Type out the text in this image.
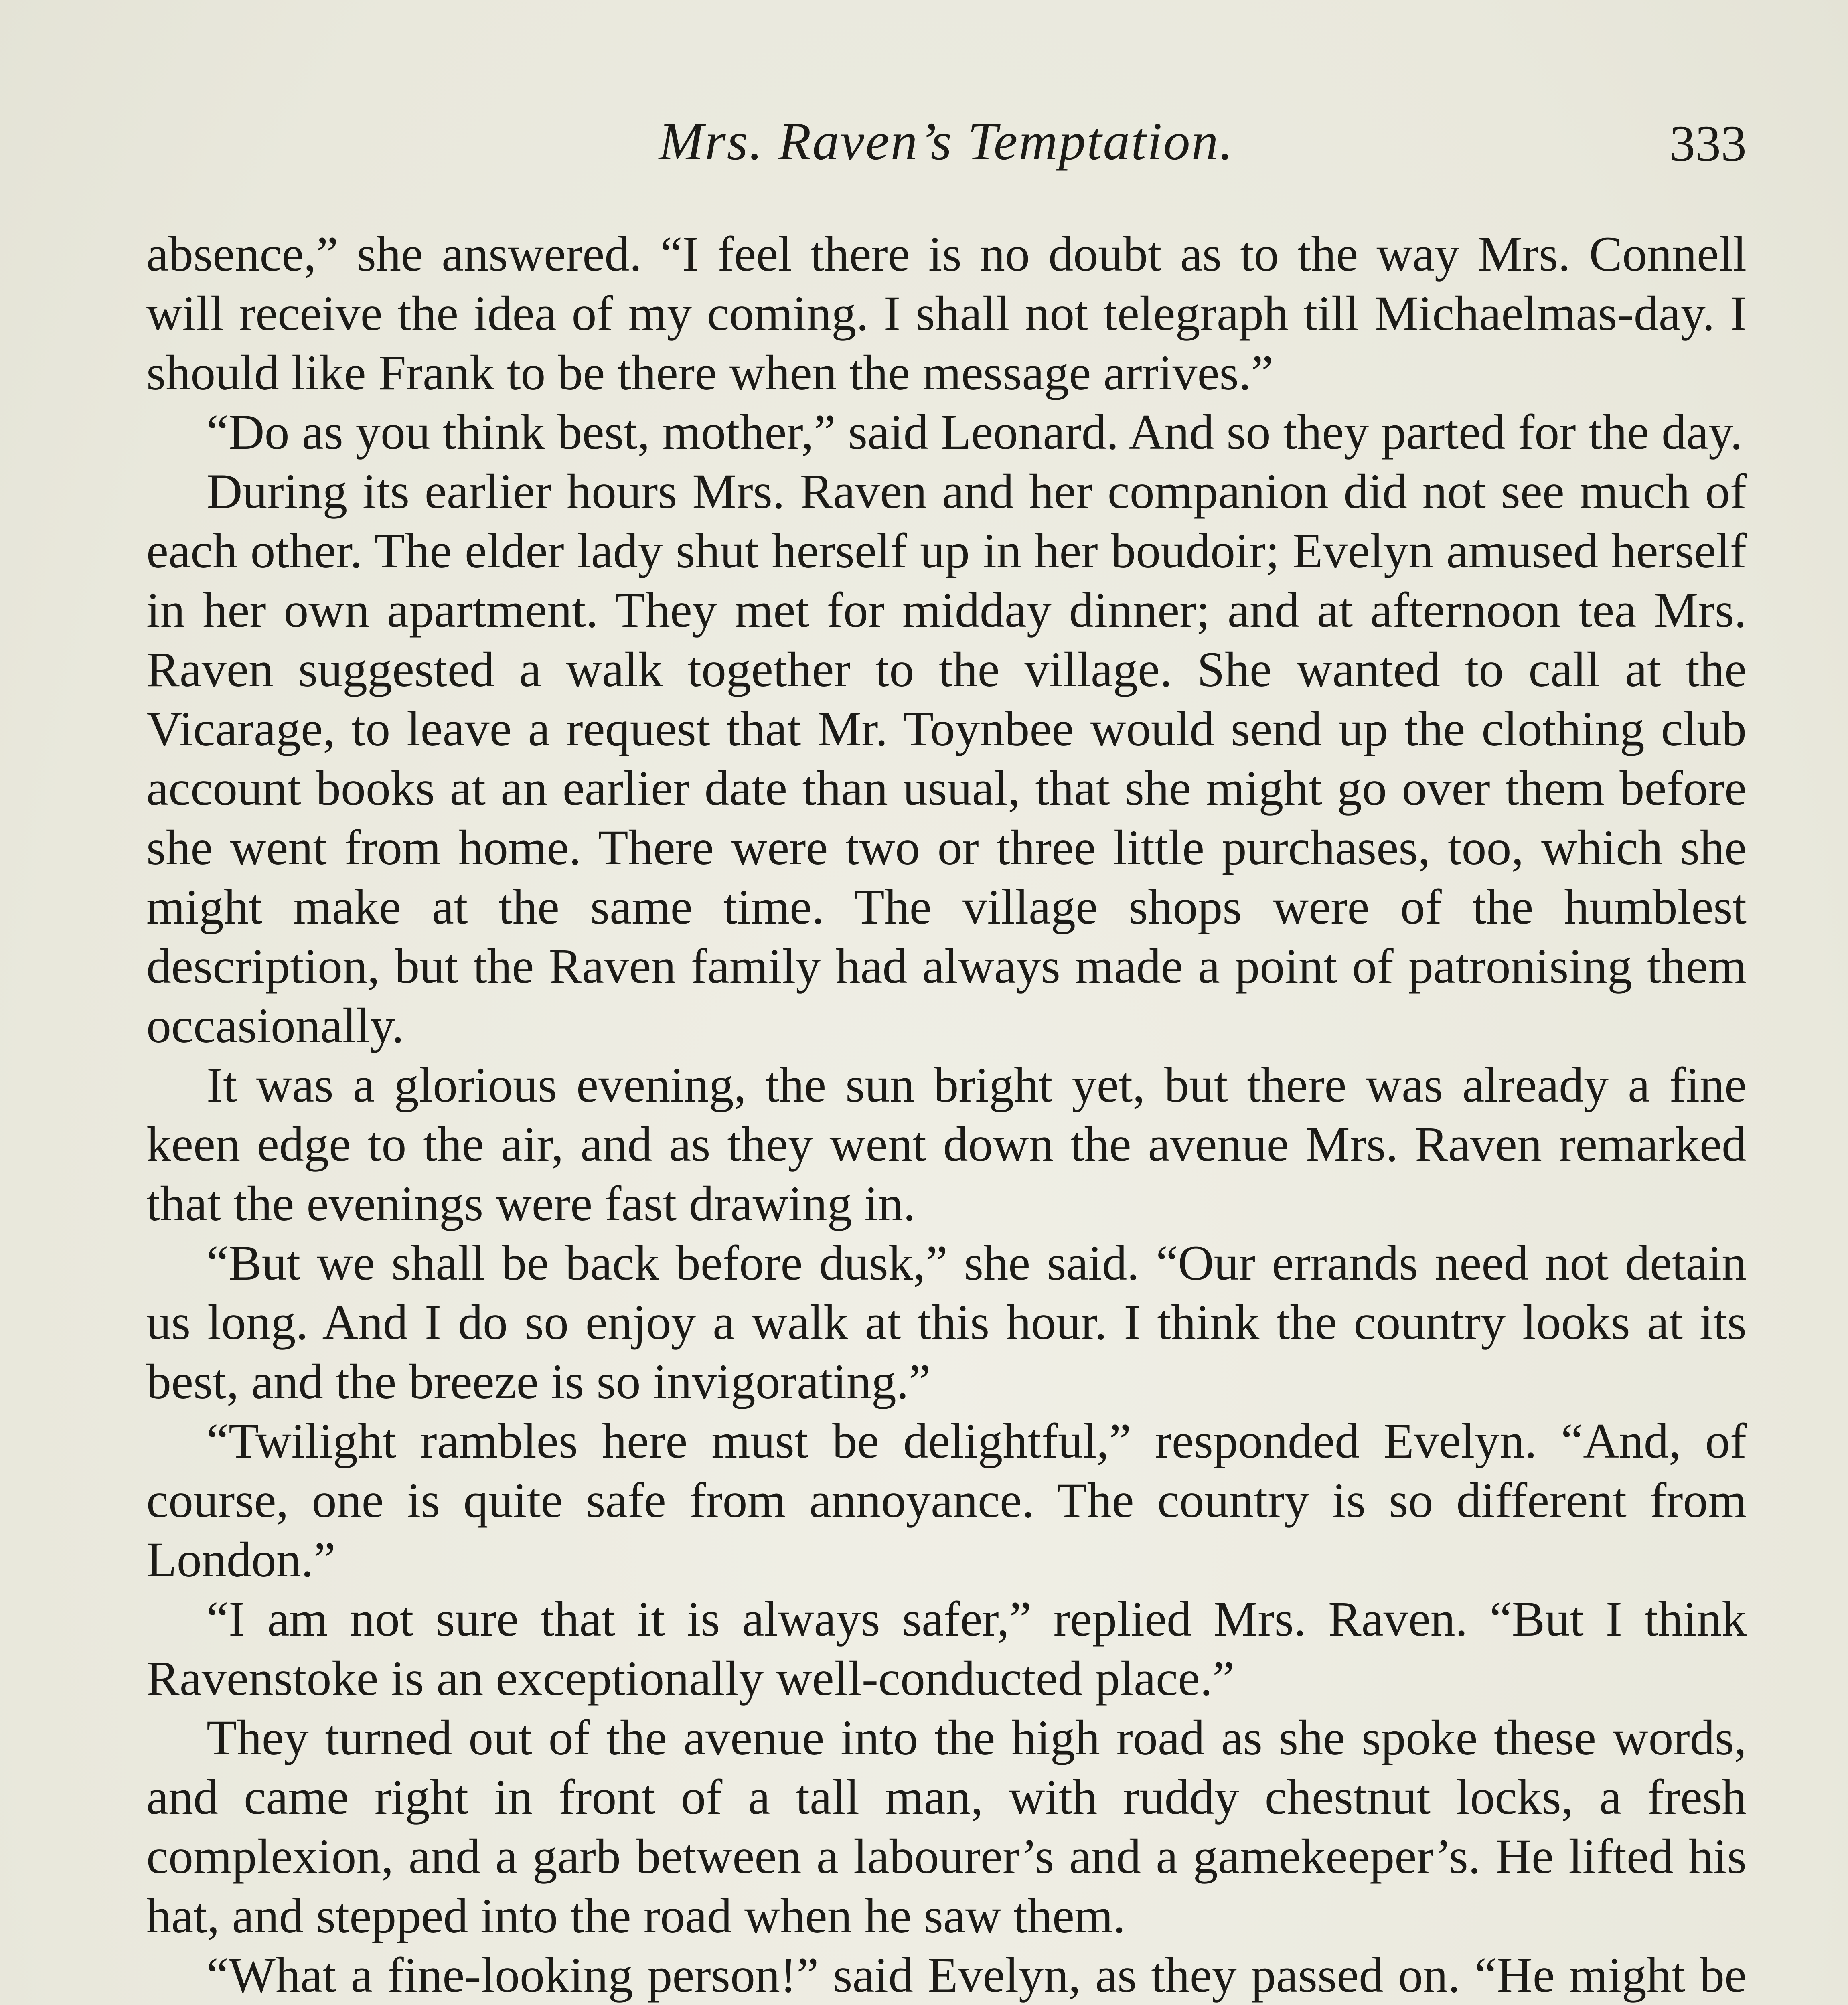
Mrs. Raven’s Temptation.	333

absence,” she answered. “I feel there is no doubt as to the way Mrs. Connell will receive the idea of my coming. I shall not telegraph till Michaelmas-day. I should like Frank to be there when the message arrives.”

“Do as you think best, mother,” said Leonard. And so they parted for the day.

During its earlier hours Mrs. Raven and her companion did not see much of each other. The elder lady shut herself up in her boudoir; Evelyn amused herself in her own apartment. They met for midday dinner; and at afternoon tea Mrs. Raven suggested a walk together to the village. She wanted to call at the Vicarage, to leave a request that Mr. Toynbee would send up the clothing club account books at an earlier date than usual, that she might go over them before she went from home. There were two or three little purchases, too, which she might make at the same time. The village shops were of the humblest description, but the Raven family had always made a point of patronising them occasionally.

It was a glorious evening, the sun bright yet, but there was already a fine keen edge to the air, and as they went down the avenue Mrs. Raven remarked that the evenings were fast drawing in.

“But we shall be back before dusk,” she said. “Our errands need not detain us long. And I do so enjoy a walk at this hour. I think the country looks at its best, and the breeze is so invigorating.”

“Twilight rambles here must be delightful,” responded Evelyn. “And, of course, one is quite safe from annoyance. The country is so different from London.”

“I am not sure that it is always safer,” replied Mrs. Raven. “But I think Ravenstoke is an exceptionally well-conducted place.”

They turned out of the avenue into the high road as she spoke these words, and came right in front of a tall man, with ruddy chestnut locks, a fresh complexion, and a garb between a labourer’s and a gamekeeper’s. He lifted his hat, and stepped into the road when he saw them.

“What a fine-looking person!” said Evelyn, as they passed on. “He might be
